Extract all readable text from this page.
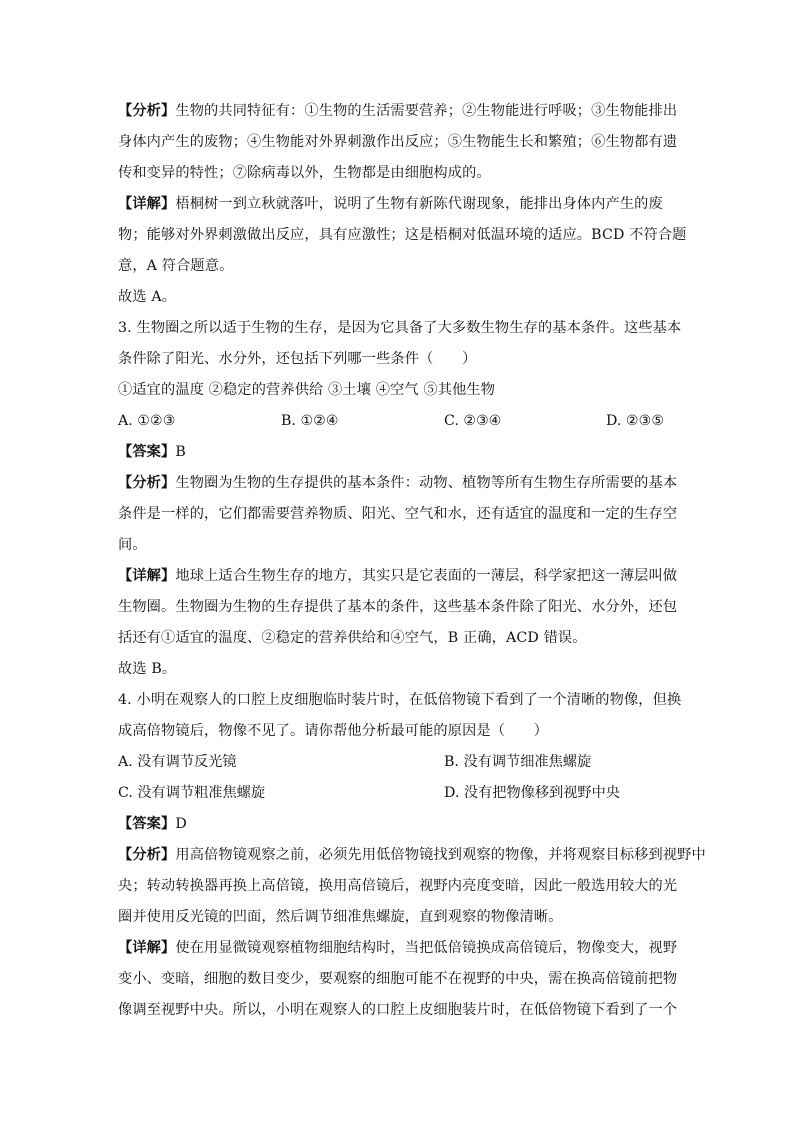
【分析】生物的共同特征有：①生物的生活需要营养；②生物能进行呼吸；③生物能排出
身体内产生的废物；④生物能对外界刺激作出反应；⑤生物能生长和繁殖；⑥生物都有遗
传和变异的特性；⑦除病毒以外，生物都是由细胞构成的。
【详解】梧桐树一到立秋就落叶，说明了生物有新陈代谢现象，能排出身体内产生的废
物；能够对外界刺激做出反应，具有应激性；这是梧桐对低温环境的适应。BCD 不符合题
意，A 符合题意。
故选 A。
3. 生物圈之所以适于生物的生存，是因为它具备了大多数生物生存的基本条件。这些基本
条件除了阳光、水分外，还包括下列哪一些条件（　　）
①适宜的温度 ②稳定的营养供给 ③土壤 ④空气 ⑤其他生物
A. ①②③	B. ①②④	C. ②③④	D. ②③⑤
【答案】B
【分析】生物圈为生物的生存提供的基本条件：动物、植物等所有生物生存所需要的基本
条件是一样的，它们都需要营养物质、阳光、空气和水，还有适宜的温度和一定的生存空
间。
【详解】地球上适合生物生存的地方，其实只是它表面的一薄层，科学家把这一薄层叫做
生物圈。生物圈为生物的生存提供了基本的条件，这些基本条件除了阳光、水分外，还包
括还有①适宜的温度、②稳定的营养供给和④空气，B 正确，ACD 错误。
故选 B。
4. 小明在观察人的口腔上皮细胞临时装片时，在低倍物镜下看到了一个清晰的物像，但换
成高倍物镜后，物像不见了。请你帮他分析最可能的原因是（　　）
A. 没有调节反光镜	B. 没有调节细准焦螺旋
C. 没有调节粗准焦螺旋	D. 没有把物像移到视野中央
【答案】D
【分析】用高倍物镜观察之前，必须先用低倍物镜找到观察的物像，并将观察目标移到视野中
央；转动转换器再换上高倍镜，换用高倍镜后，视野内亮度变暗，因此一般选用较大的光
圈并使用反光镜的凹面，然后调节细准焦螺旋，直到观察的物像清晰。
【详解】使在用显微镜观察植物细胞结构时，当把低倍镜换成高倍镜后，物像变大，视野
变小、变暗，细胞的数目变少，要观察的细胞可能不在视野的中央，需在换高倍镜前把物
像调至视野中央。所以，小明在观察人的口腔上皮细胞装片时，在低倍物镜下看到了一个
